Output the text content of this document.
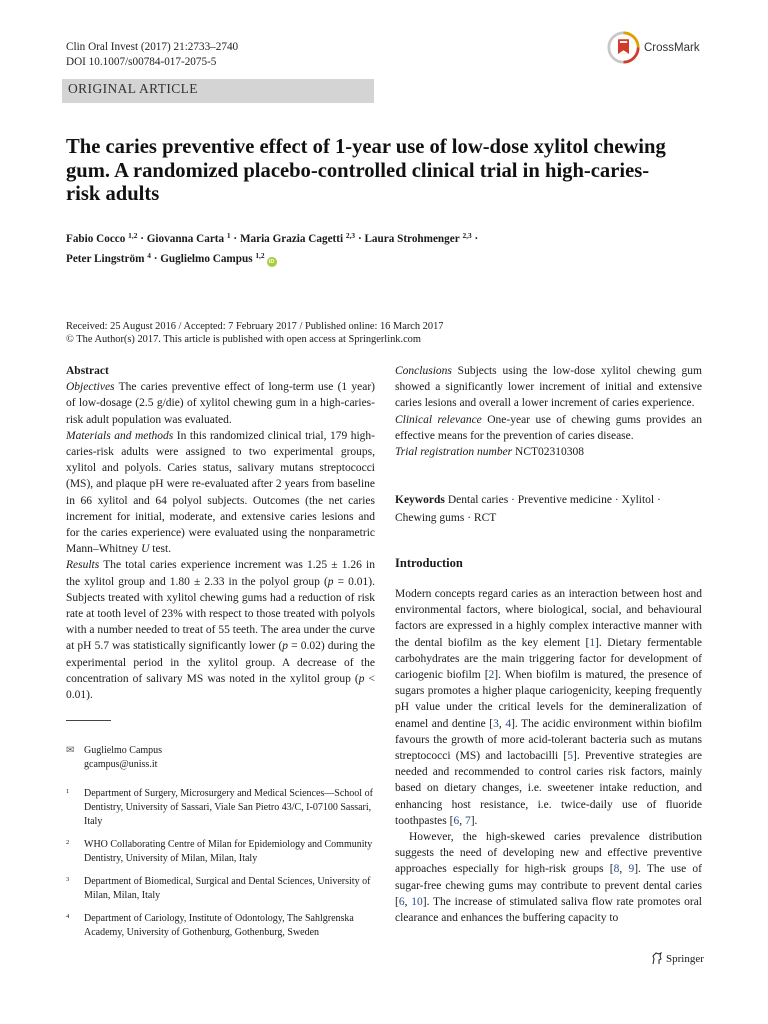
Clin Oral Invest (2017) 21:2733–2740
DOI 10.1007/s00784-017-2075-5
CrossMark
ORIGINAL ARTICLE
The caries preventive effect of 1-year use of low-dose xylitol chewing gum. A randomized placebo-controlled clinical trial in high-caries-risk adults
Fabio Cocco $^{1,2}$ · Giovanna Carta $^1$ · Maria Grazia Cagetti $^{2,3}$ · Laura Strohmenger $^{2,3}$ ·
Peter Lingström $^4$ · Guglielmo Campus $^{1,2}$iD
Received: 25 August 2016 / Accepted: 7 February 2017 / Published online: 16 March 2017
© The Author(s) 2017. This article is published with open access at Springerlink.com

Abstract

Objectives The caries preventive effect of long-term use (1 year) of low-dosage (2.5 g/die) of xylitol chewing gum in a high-caries-risk adult population was evaluated.

Materials and methods In this randomized clinical trial, 179 high-caries-risk adults were assigned to two experimental groups, xylitol and polyols. Caries status, salivary mutans streptococci (MS), and plaque pH were re-evaluated after 2 years from baseline in 66 xylitol and 64 polyol subjects. Outcomes (the net caries increment for initial, moderate, and extensive caries lesions and for the caries experience) were evaluated using the nonparametric Mann–Whitney U test.

Results The total caries experience increment was 1.25 ± 1.26 in the xylitol group and 1.80 ± 2.33 in the polyol group (p = 0.01). Subjects treated with xylitol chewing gums had a reduction of risk rate at tooth level of 23% with respect to those treated with polyols with a number needed to treat of 55 teeth. The area under the curve at pH 5.7 was statistically significantly lower (p = 0.02) during the experimental period in the xylitol group. A decrease of the concentration of salivary MS was noted in the xylitol group (p < 0.01).

✉ Guglielmo Campus
gcampus@uniss.it
1	Department of Surgery, Microsurgery and Medical Sciences—School of Dentistry, University of Sassari, Viale San Pietro 43/C, I-07100 Sassari, Italy
2	WHO Collaborating Centre of Milan for Epidemiology and Community Dentistry, University of Milan, Milan, Italy
3	Department of Biomedical, Surgical and Dental Sciences, University of Milan, Milan, Italy
4	Department of Cariology, Institute of Odontology, The Sahlgrenska Academy, University of Gothenburg, Gothenburg, Sweden

Conclusions Subjects using the low-dose xylitol chewing gum showed a significantly lower increment of initial and extensive caries lesions and overall a lower increment of caries experience.

Clinical relevance One-year use of chewing gums provides an effective means for the prevention of caries disease.

Trial registration number NCT02310308

Keywords Dental caries · Preventive medicine · Xylitol · Chewing gums · RCT
Introduction

Modern concepts regard caries as an interaction between host and environmental factors, where biological, social, and behavioural factors are expressed in a highly complex interactive manner with the dental biofilm as the key element [1]. Dietary fermentable carbohydrates are the main triggering factor for development of cariogenic biofilm [2]. When biofilm is matured, the presence of sugars promotes a higher plaque cariogenicity, keeping frequently pH value under the critical levels for the demineralization of enamel and dentine [3, 4]. The acidic environment within biofilm favours the growth of more acid-tolerant bacteria such as mutans streptococci (MS) and lactobacilli [5]. Preventive strategies are needed and recommended to control caries risk factors, mainly based on dietary changes, i.e. sweetener intake reduction, and enhancing host resistance, i.e. twice-daily use of fluoride toothpastes [6, 7].

However, the high-skewed caries prevalence distribution suggests the need of developing new and effective preventive approaches especially for high-risk groups [8, 9]. The use of sugar-free chewing gums may contribute to prevent dental caries [6, 10]. The increase of stimulated saliva flow rate promotes oral clearance and enhances the buffering capacity to

Springer
